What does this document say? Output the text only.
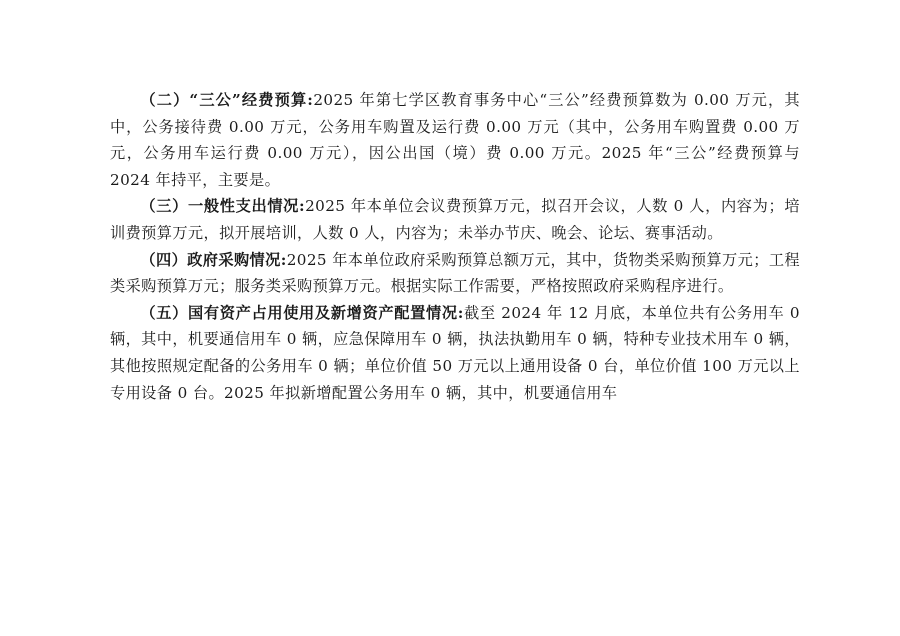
（二）“三公”经费预算:2025 年第七学区教育事务中心“三公”经费预算数为 0.00 万元，其中，公务接待费 0.00 万元，公务用车购置及运行费 0.00 万元（其中，公务用车购置费 0.00 万元，公务用车运行费 0.00 万元），因公出国（境）费 0.00 万元。2025 年“三公”经费预算与 2024 年持平，主要是。

（三）一般性支出情况:2025 年本单位会议费预算万元，拟召开会议，人数 0 人，内容为；培训费预算万元，拟开展培训，人数 0 人，内容为；未举办节庆、晚会、论坛、赛事活动。

（四）政府采购情况:2025 年本单位政府采购预算总额万元，其中，货物类采购预算万元；工程类采购预算万元；服务类采购预算万元。根据实际工作需要，严格按照政府采购程序进行。

（五）国有资产占用使用及新增资产配置情况:截至 2024 年 12 月底，本单位共有公务用车 0 辆，其中，机要通信用车 0 辆，应急保障用车 0 辆，执法执勤用车 0 辆，特种专业技术用车 0 辆，其他按照规定配备的公务用车 0 辆；单位价值 50 万元以上通用设备 0 台，单位价值 100 万元以上专用设备 0 台。2025 年拟新增配置公务用车 0 辆，其中，机要通信用车
